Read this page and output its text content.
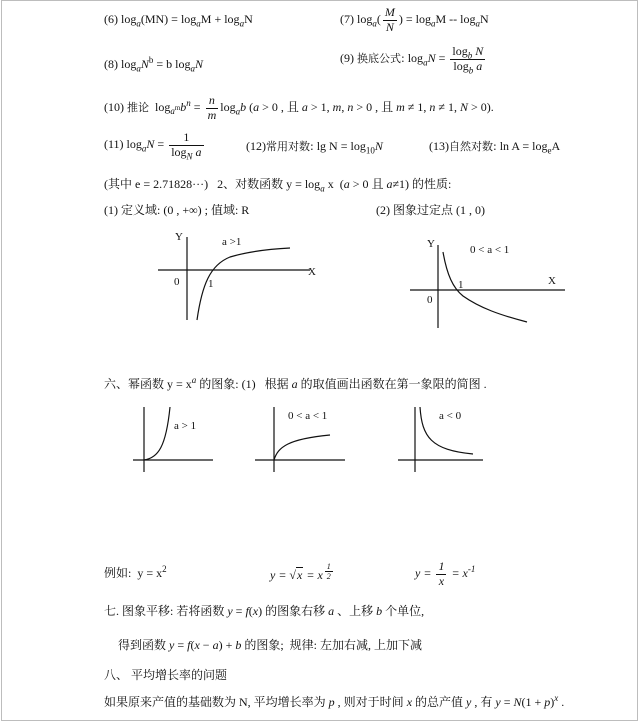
(6) $\log_a(MN) = \log_aM + \log_aN$	(7) $\log_a( \frac{M}{N}$ ) = $\log_aM -- \log_aN$
(8) $\log_aN^b = b$ $\log_aN$	(9) 换底公式: $\log_aN = \frac{\log_b N}{\log_b a}$
(10) 推论  $\log_{a^m}b^n = \frac{n}{m} \log_ab$ (a > 0 , 且 a > 1, m, n > 0 , 且 m ≠ 1, n ≠ 1, N > 0).
(11) $\log_aN = \frac{1}{\log_N a}$	(12)常用对数: $\lg N = \log_{10}N$	(13)自然对数: $\ln A = \log_eA$
(其中 e = 2.71828···)   2、对数函数 $y = \log_a x$  (a > 0 且 a≠1) 的性质:
(1) 定义域: (0 , +∞) ; 值域: R	(2) 图象过定点 (1 , 0)
Y
X
0	1
a >1	Y
X
0
1
0 < a < 1
六、幂函数 $y = x^a$ 的图象: (1)   根据 a 的取值画出函数在第一象限的简图 .
a > 1
0 < a < 1	a < 0
例如:  $y = x^2$	y = √x = x $^{\frac{1}{2}}$	$y = \frac{1}{x} = x^{-1}$
七. 图象平移: 若将函数 y = f(x) 的图象右移 a 、上移 b 个单位,
得到函数 y = f(x − a) + b 的图象;  规律: 左加右减, 上加下减
八、 平均增长率的问题
如果原来产值的基础数为 N, 平均增长率为 p , 则对于时间 x 的总产值 y , 有 $y = N(1 + p)^x$ .
